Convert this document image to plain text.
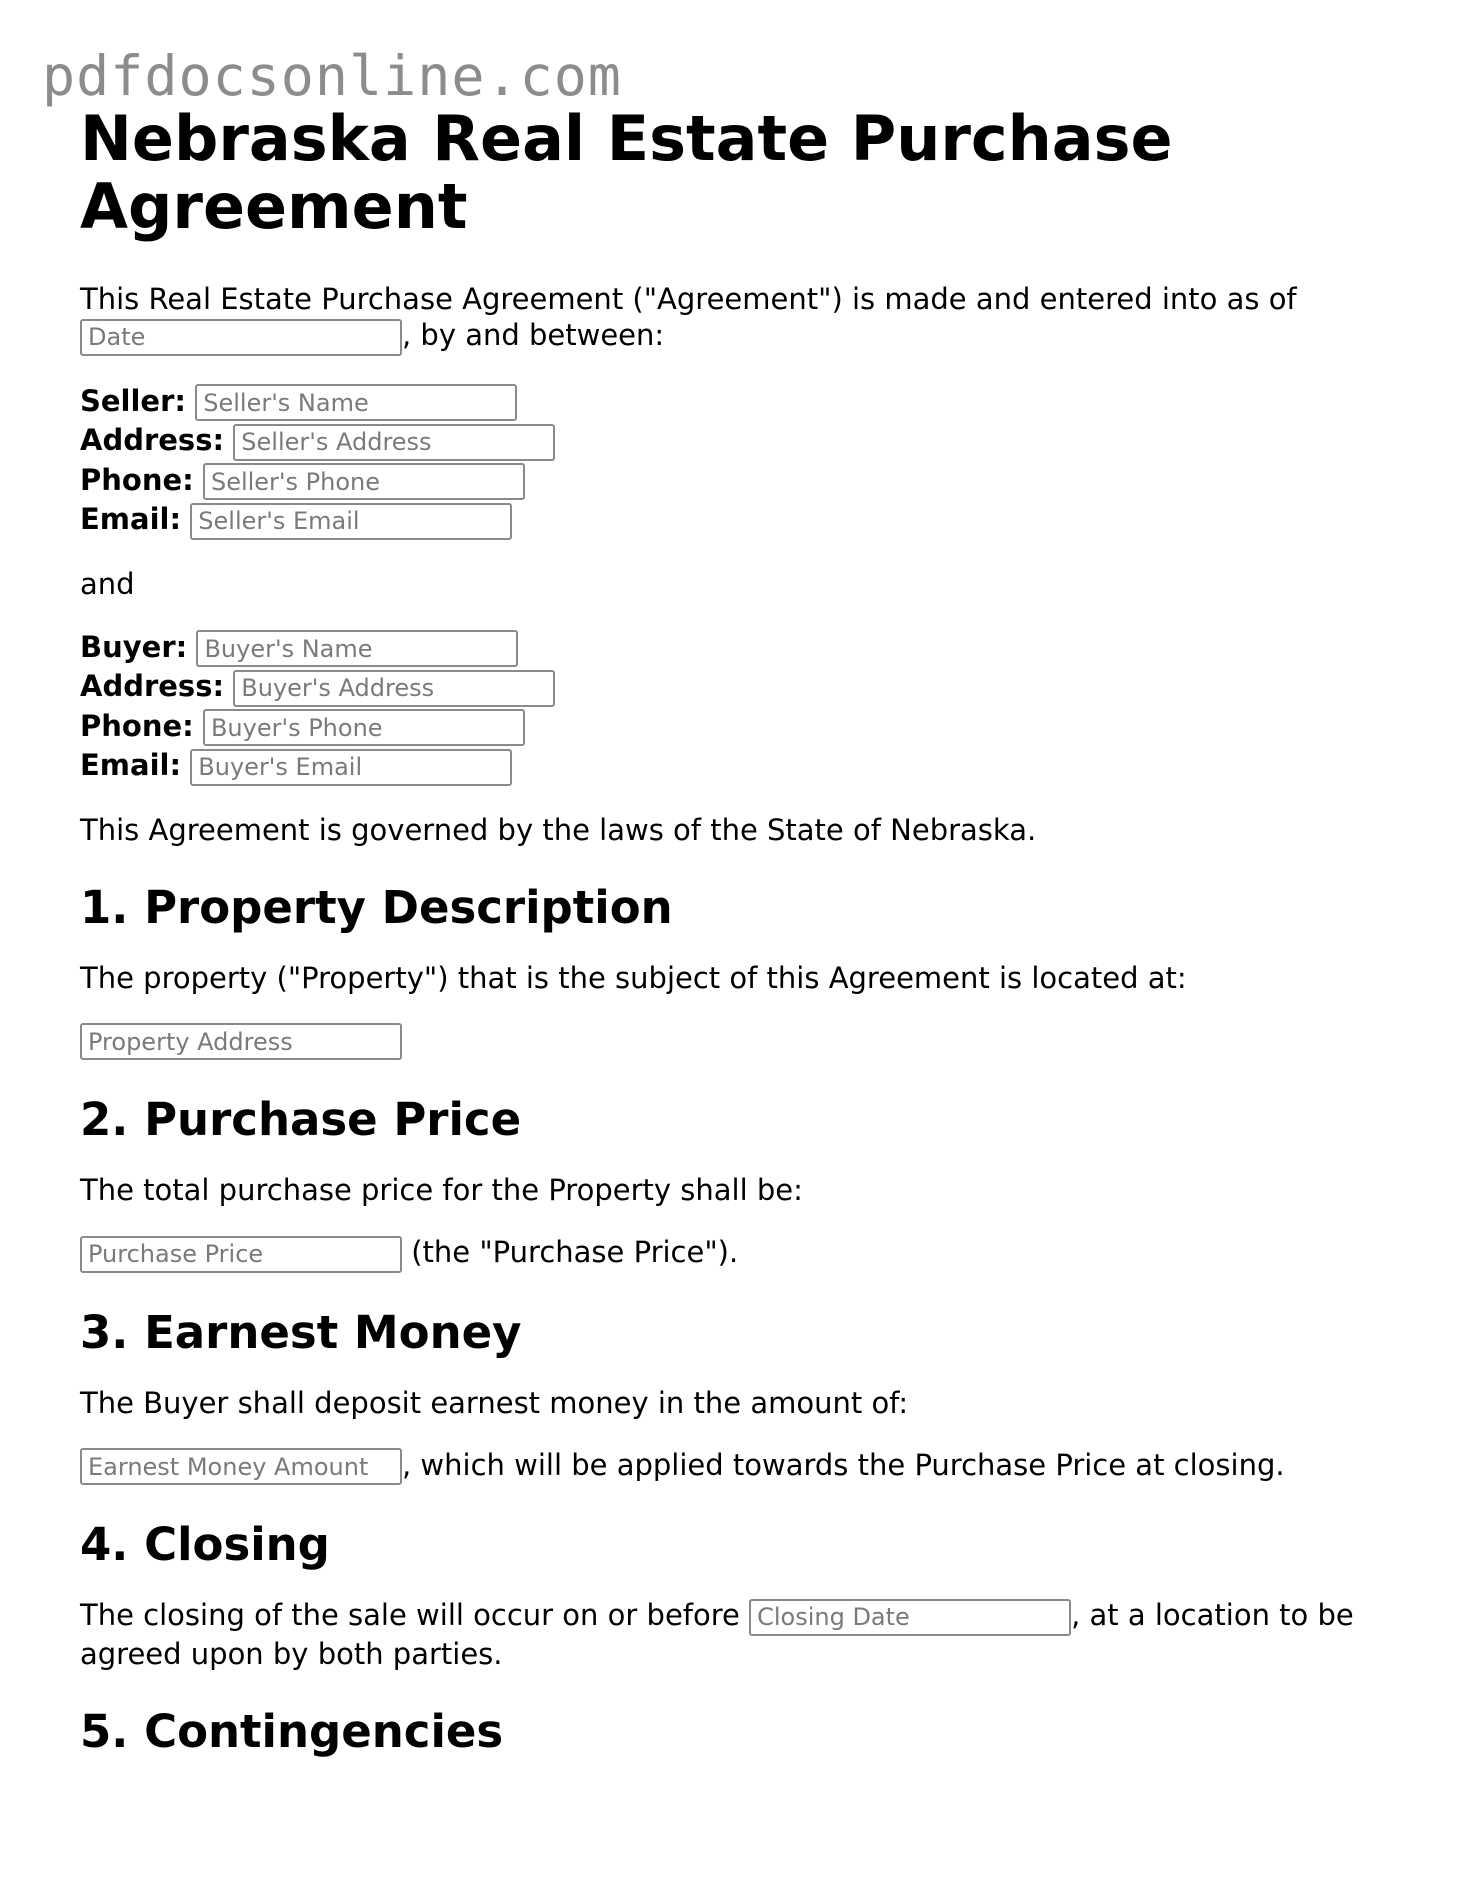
pdfdocsonline.com
Nebraska Real Estate Purchase
Agreement

This Real Estate Purchase Agreement ("Agreement") is made and entered into as of
Date, by and between:

Seller: Seller's Name
Address: Seller's Address
Phone: Seller's Phone
Email: Seller's Email

and

Buyer: Buyer's Name
Address: Buyer's Address
Phone: Buyer's Phone
Email: Buyer's Email

This Agreement is governed by the laws of the State of Nebraska.

1. Property Description

The property ("Property") that is the subject of this Agreement is located at:

Property Address

2. Purchase Price

The total purchase price for the Property shall be:

Purchase Price (the "Purchase Price").

3. Earnest Money

The Buyer shall deposit earnest money in the amount of:

Earnest Money Amount, which will be applied towards the Purchase Price at closing.

4. Closing

The closing of the sale will occur on or before Closing Date	, at a location to be agreed upon by both parties.

5. Contingencies
